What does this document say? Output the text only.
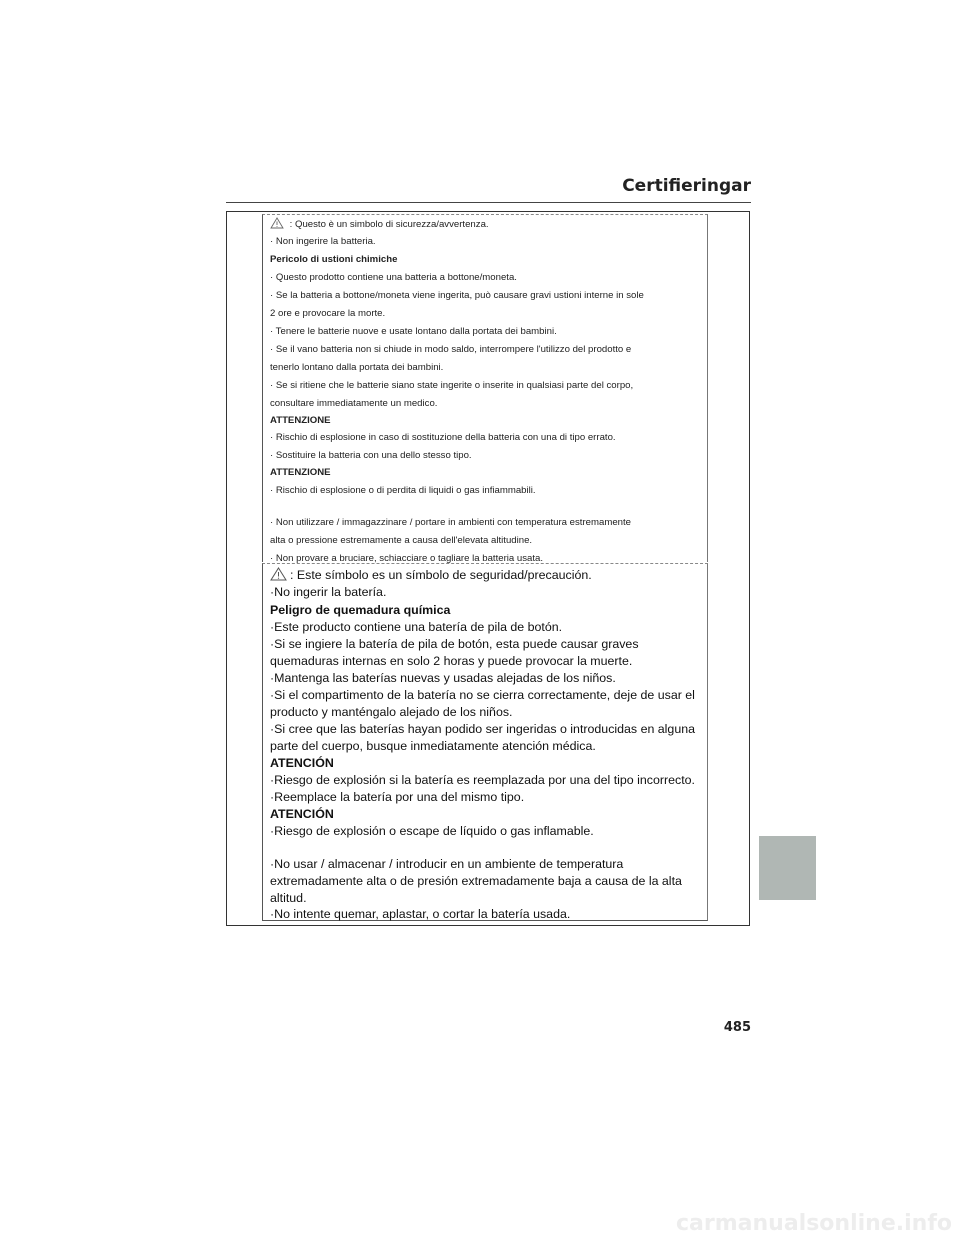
Certifieringar
: Questo è un simbolo di sicurezza/avvertenza.
· Non ingerire la batteria.
Pericolo di ustioni chimiche
· Questo prodotto contiene una batteria a bottone/moneta.
· Se la batteria a bottone/moneta viene ingerita, può causare gravi ustioni interne in sole
2 ore e provocare la morte.
· Tenere le batterie nuove e usate lontano dalla portata dei bambini.
· Se il vano batteria non si chiude in modo saldo, interrompere l'utilizzo del prodotto e
tenerlo lontano dalla portata dei bambini.
· Se si ritiene che le batterie siano state ingerite o inserite in qualsiasi parte del corpo,
consultare immediatamente un medico.
ATTENZIONE
· Rischio di esplosione in caso di sostituzione della batteria con una di tipo errato.
· Sostituire la batteria con una dello stesso tipo.
ATTENZIONE
· Rischio di esplosione o di perdita di liquidi o gas infiammabili.
· Non utilizzare / immagazzinare / portare in ambienti con temperatura estremamente
alta o pressione estremamente a causa dell'elevata altitudine.
· Non provare a bruciare, schiacciare o tagliare la batteria usata.
: Este símbolo es un símbolo de seguridad/precaución.
·No ingerir la batería.
Peligro de quemadura química
·Este producto contiene una batería de pila de botón.
·Si se ingiere la batería de pila de botón, esta puede causar graves
quemaduras internas en solo 2 horas y puede provocar la muerte.
·Mantenga las baterías nuevas y usadas alejadas de los niños.
·Si el compartimento de la batería no se cierra correctamente, deje de usar el
producto y manténgalo alejado de los niños.
·Si cree que las baterías hayan podido ser ingeridas o introducidas en alguna
parte del cuerpo, busque inmediatamente atención médica.
ATENCIÓN
·Riesgo de explosión si la batería es reemplazada por una del tipo incorrecto.
·Reemplace la batería por una del mismo tipo.
ATENCIÓN
·Riesgo de explosión o escape de líquido o gas inflamable.
·No usar / almacenar / introducir en un ambiente de temperatura
extremadamente alta o de presión extremadamente baja a causa de la alta
altitud.
·No intente quemar, aplastar, o cortar la batería usada.
485
carmanualsonline.info
